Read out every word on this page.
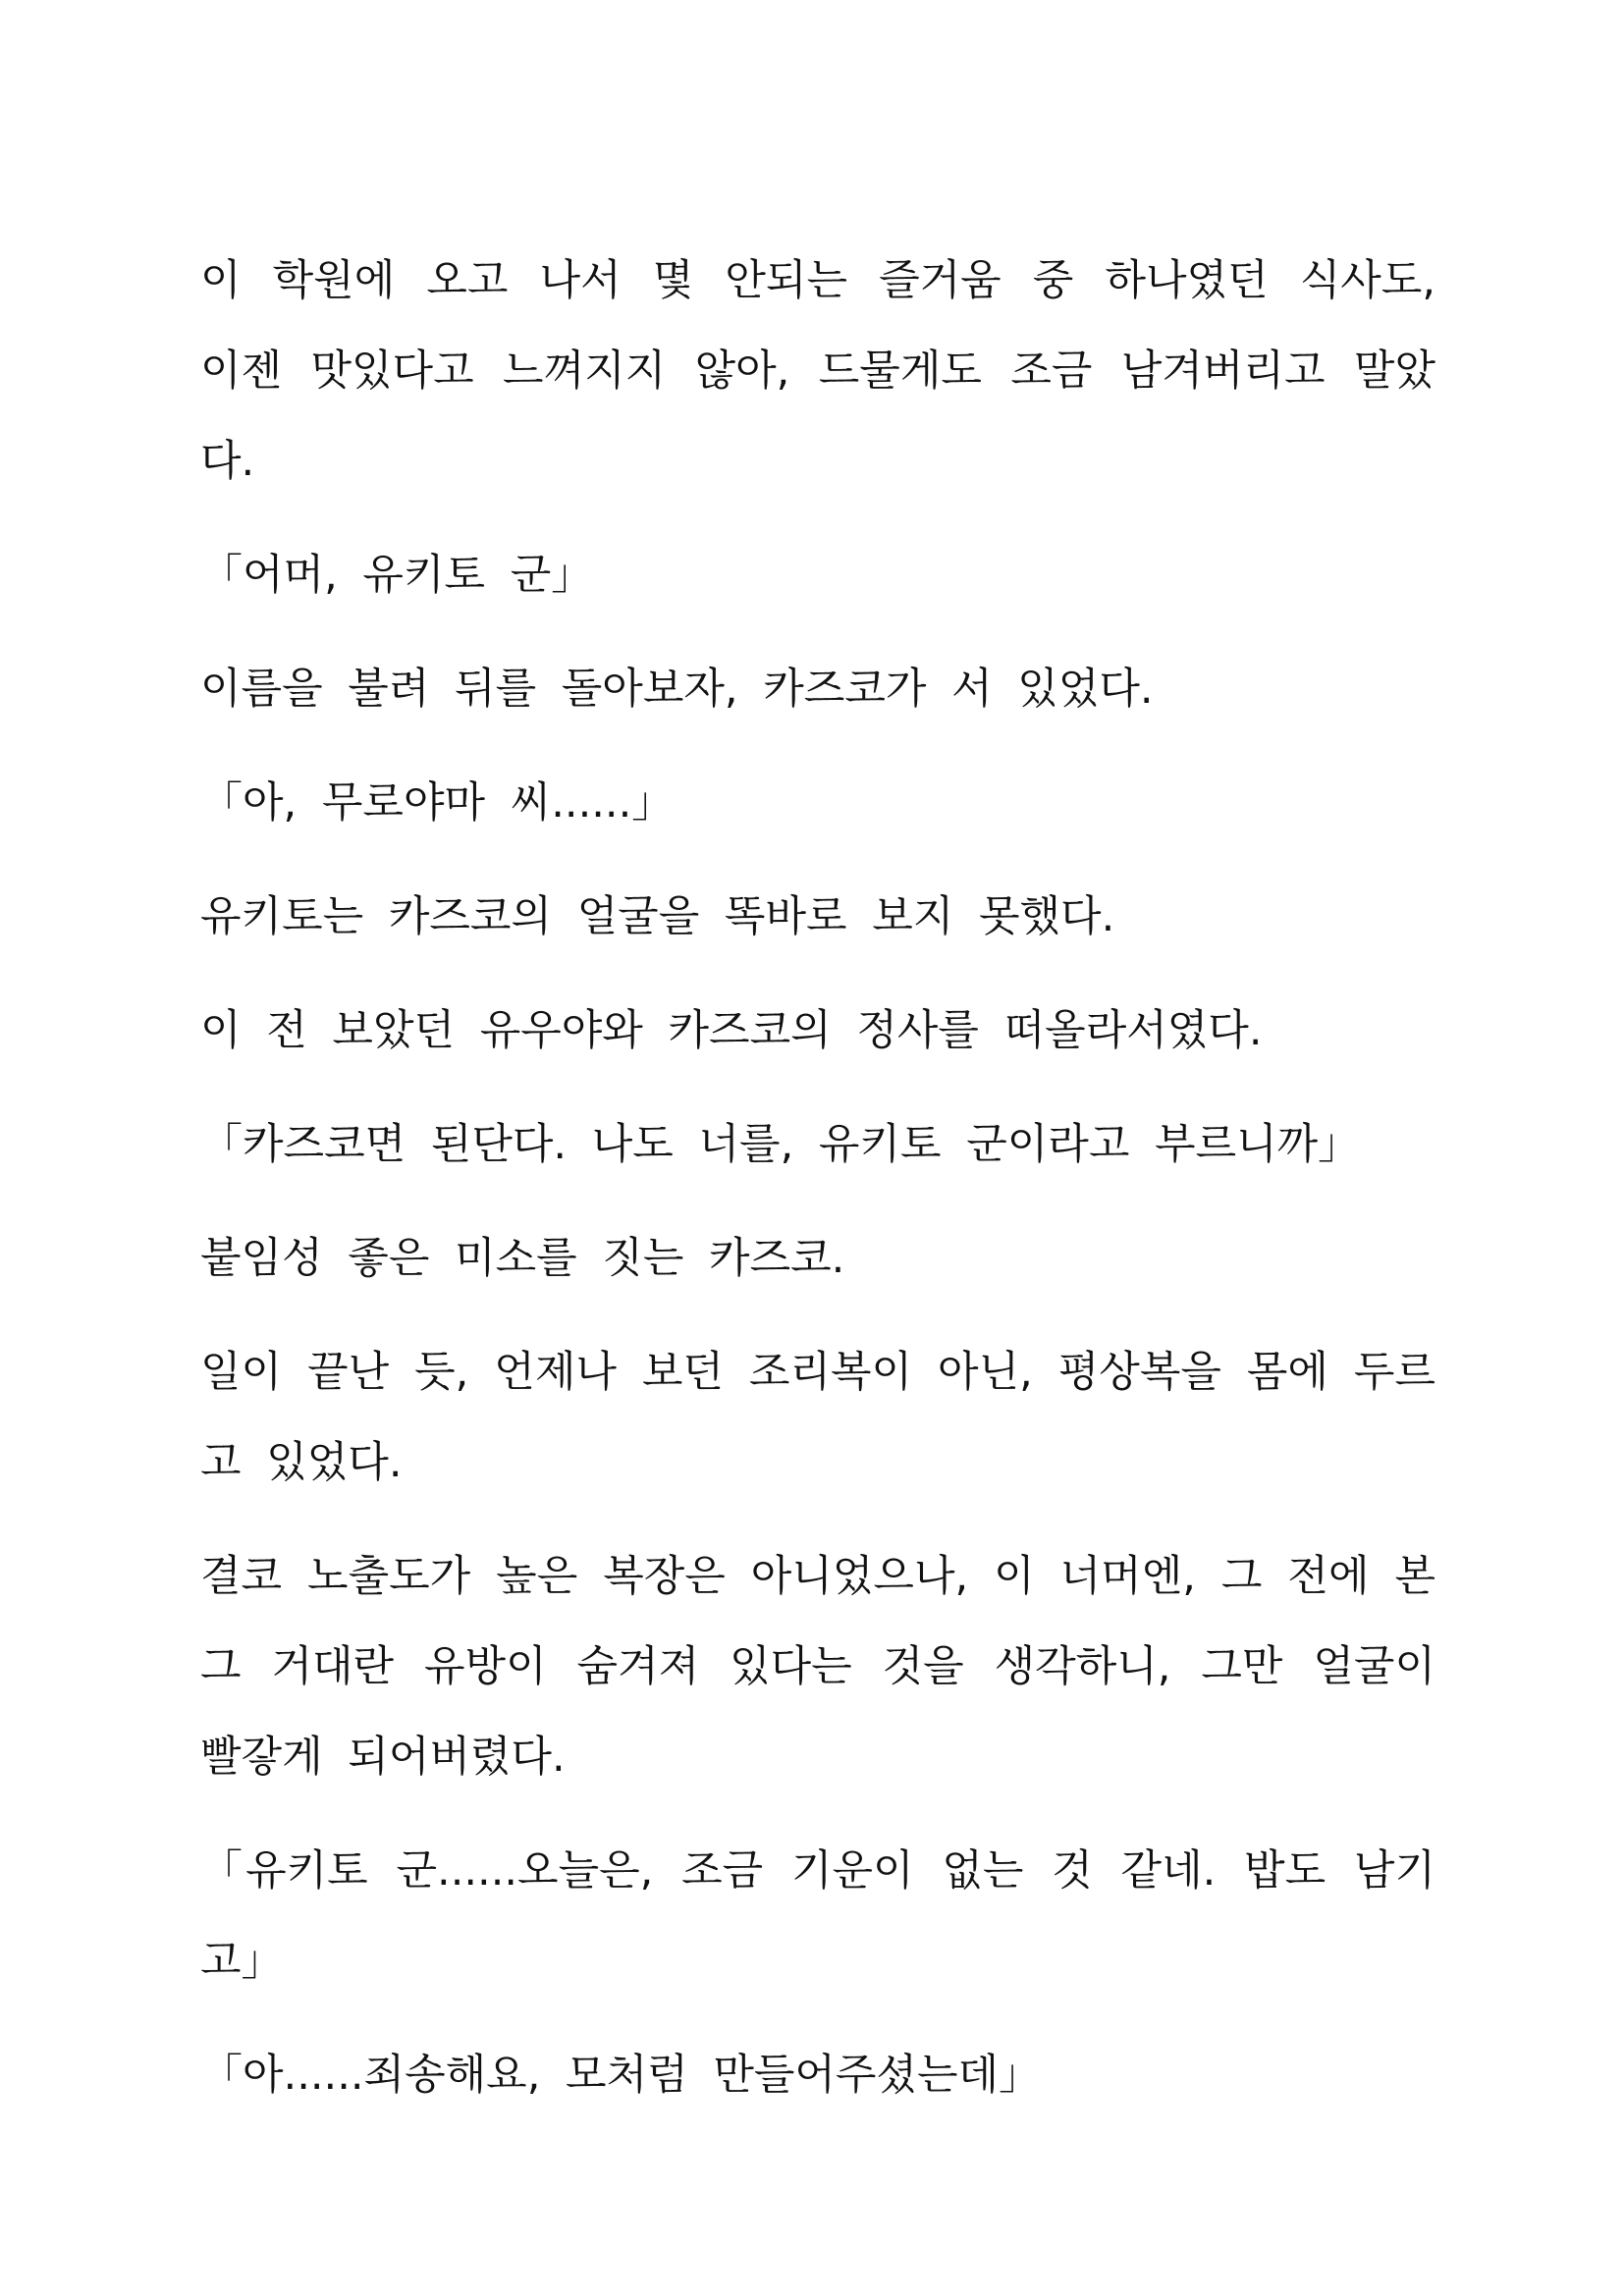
이 학원에 오고 나서 몇 안되는 즐거움 중 하나였던 식사도, 이젠 맛있다고 느껴지지 않아, 드물게도 조금 남겨버리고 말았다.

「어머, 유키토 군」

이름을 불려 뒤를 돌아보자, 카즈코가 서 있었다.

「아, 무로야마 씨......」

유키토는 카즈코의 얼굴을 똑바로 보지 못했다.

이 전 보았던 유우야와 카즈코의 정사를 떠올라서였다.

「카즈코면 된단다. 나도 너를, 유키토 군이라고 부르니까」

붙임성 좋은 미소를 짓는 카즈코.

일이 끝난 듯, 언제나 보던 조리복이 아닌, 평상복을 몸에 두르고 있었다.

결코 노출도가 높은 복장은 아니었으나, 이 너머엔, 그 전에 본 그 거대란 유방이 숨겨져 있다는 것을 생각하니, 그만 얼굴이 빨갛게 되어버렸다.

「유키토 군......오늘은, 조금 기운이 없는 것 같네. 밥도 남기고」

「아......죄송해요, 모처럼 만들어주셨는데」
